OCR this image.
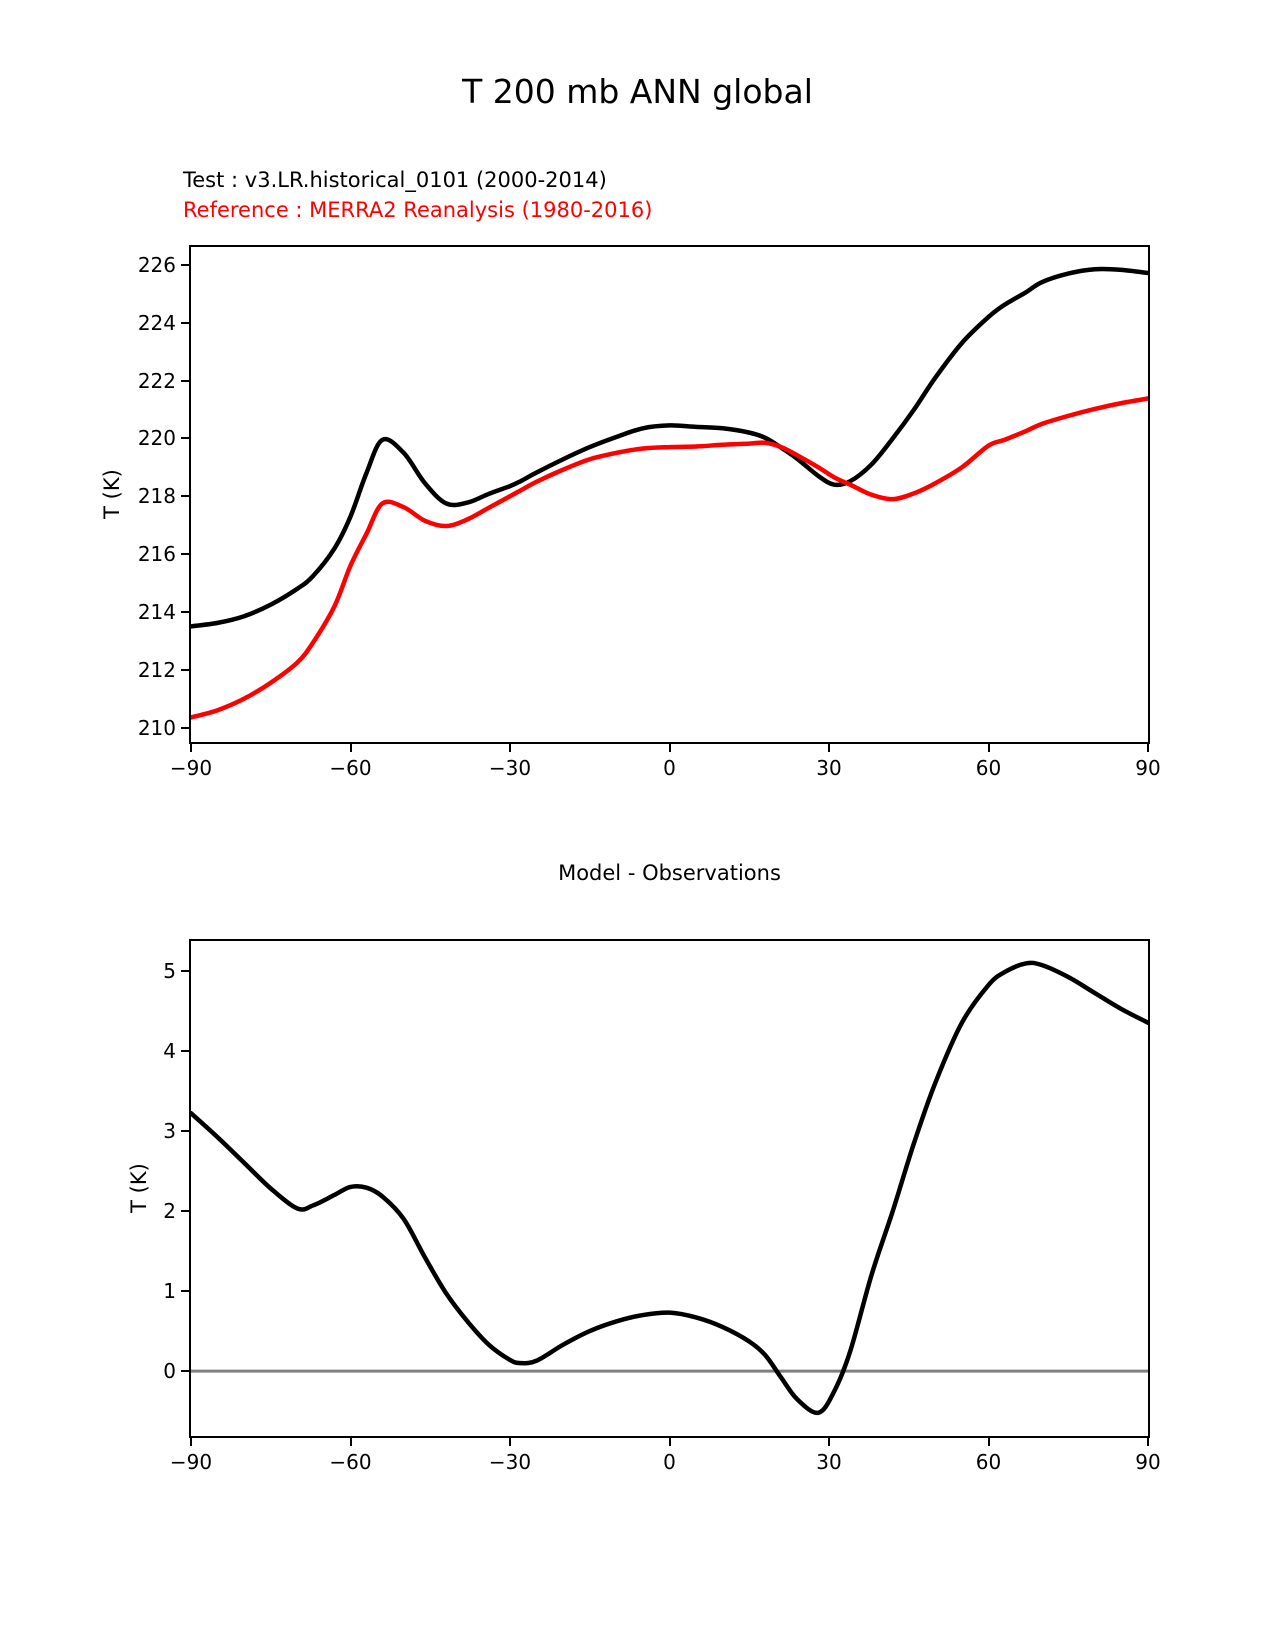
T 200 mb ANN global
Test : v3.LR.historical_0101 (2000-2014)
Reference : MERRA2 Reanalysis (1980-2016)
T (K)
T (K)
Model - Observations
−90	−60	−30	0	30	60	90
210
212
214
216
218
220
222
224
226
−90	−60	−30	0	30	60	90
0
1
2
3
4
5
